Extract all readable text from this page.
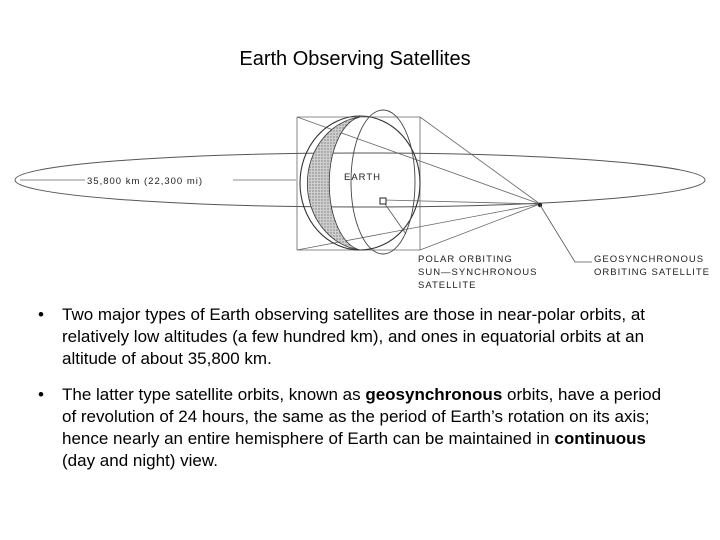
Earth Observing Satellites
35,800 km (22,300 mi)	EARTH
POLAR ORBITING
SUN—SYNCHRONOUS
SATELLITE
GEOSYNCHRONOUS
ORBITING SATELLITE
• Two major types of Earth observing satellites are those in near-polar orbits, at relatively low altitudes (a few hundred km), and ones in equatorial orbits at an altitude of about 35,800 km.
• The latter type satellite orbits, known as geosynchronous orbits, have a period of revolution of 24 hours, the same as the period of Earth’s rotation on its axis; hence nearly an entire hemisphere of Earth can be maintained in continuous (day and night) view.
